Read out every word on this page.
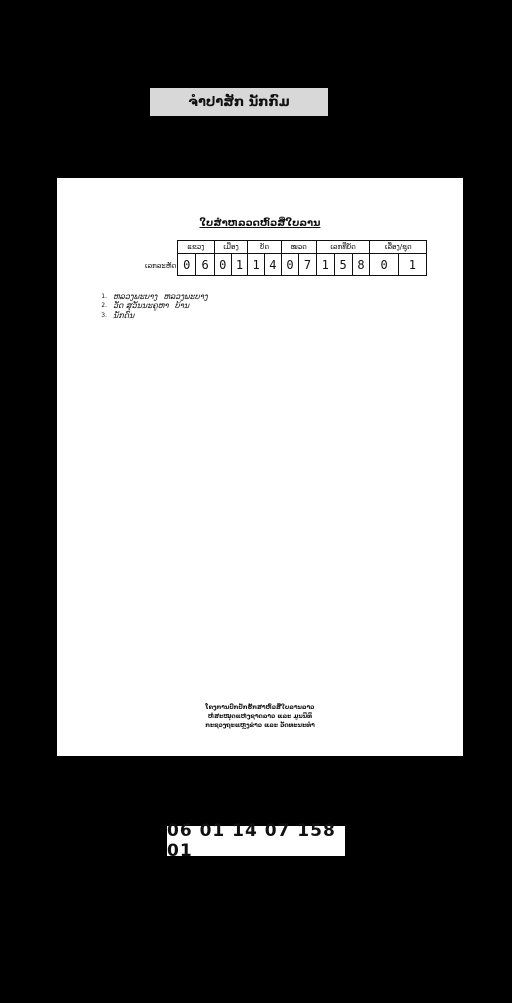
ຈຳປາສັກ ນັກກົມ
ໃບສຳຫລວດຫົວສີ່ໃບລານ
ເລກລະຫັດ
ແຂວງ		ເມືອງ		ບັດ		ໝວດ		ເລກທີ່ບັດ			ເລື່ອງ/ຊຸດ	
0	6	0	1	1	4	0	7	1	5	8	0	1
1. ຫລວງພະບາງ ຫລວງພະບາງ
2. ວັດ ສຸວັນນະຄູຫາ ບ້ານ
3. ນັກດົນ
ໂຄງການປົກປັກຮັກສາຫົວສີ່ໃບລານລາວ
ຫໍສະໝຸດແຫ່ງຊາດລາວ ແລະ ມູນນິທິ
ກະຊວງຖະແຫຼງຂ່າວ ແລະ ວັດທະນະທຳ
06 01 14 07 158 01
